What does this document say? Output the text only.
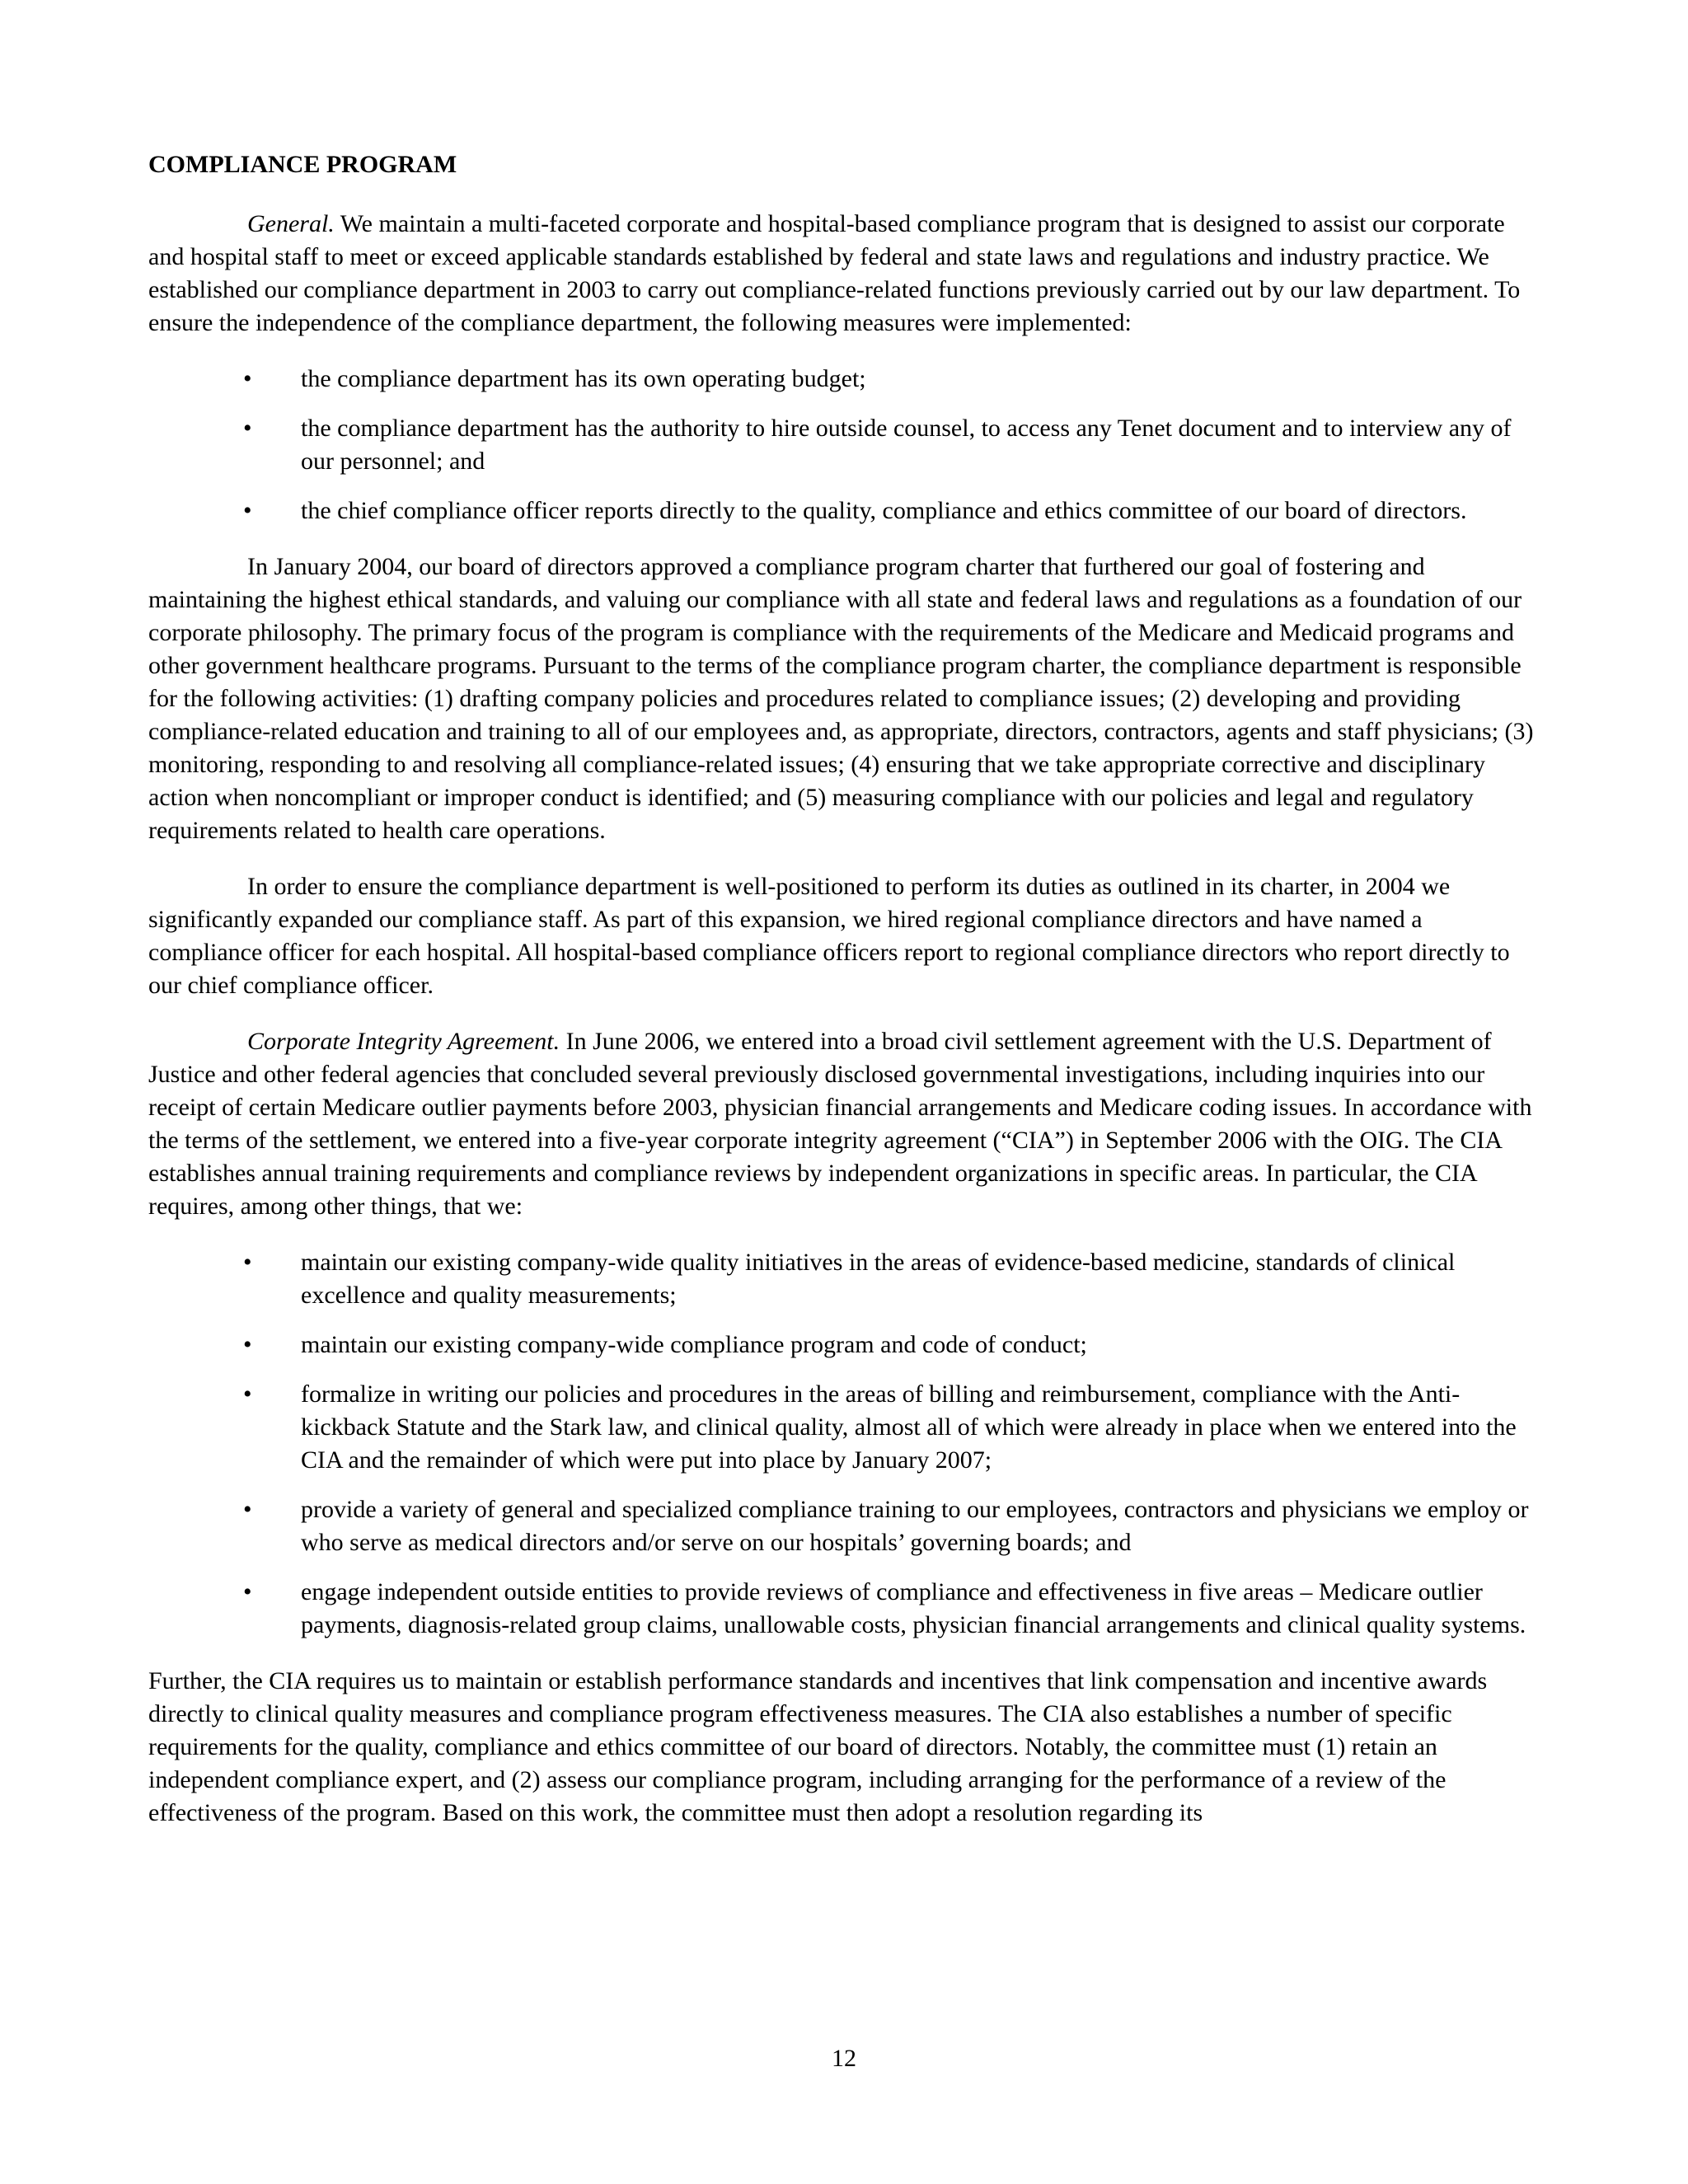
COMPLIANCE PROGRAM

General. We maintain a multi-faceted corporate and hospital-based compliance program that is designed to assist our corporate and hospital staff to meet or exceed applicable standards established by federal and state laws and regulations and industry practice. We established our compliance department in 2003 to carry out compliance-related functions previously carried out by our law department. To ensure the independence of the compliance department, the following measures were implemented:

• the compliance department has its own operating budget;
• the compliance department has the authority to hire outside counsel, to access any Tenet document and to interview any of our personnel; and
• the chief compliance officer reports directly to the quality, compliance and ethics committee of our board of directors.

In January 2004, our board of directors approved a compliance program charter that furthered our goal of fostering and maintaining the highest ethical standards, and valuing our compliance with all state and federal laws and regulations as a foundation of our corporate philosophy. The primary focus of the program is compliance with the requirements of the Medicare and Medicaid programs and other government healthcare programs. Pursuant to the terms of the compliance program charter, the compliance department is responsible for the following activities: (1) drafting company policies and procedures related to compliance issues; (2) developing and providing compliance-related education and training to all of our employees and, as appropriate, directors, contractors, agents and staff physicians; (3) monitoring, responding to and resolving all compliance-related issues; (4) ensuring that we take appropriate corrective and disciplinary action when noncompliant or improper conduct is identified; and (5) measuring compliance with our policies and legal and regulatory requirements related to health care operations.

In order to ensure the compliance department is well-positioned to perform its duties as outlined in its charter, in 2004 we significantly expanded our compliance staff. As part of this expansion, we hired regional compliance directors and have named a compliance officer for each hospital. All hospital-based compliance officers report to regional compliance directors who report directly to our chief compliance officer.

Corporate Integrity Agreement. In June 2006, we entered into a broad civil settlement agreement with the U.S. Department of Justice and other federal agencies that concluded several previously disclosed governmental investigations, including inquiries into our receipt of certain Medicare outlier payments before 2003, physician financial arrangements and Medicare coding issues. In accordance with the terms of the settlement, we entered into a five-year corporate integrity agreement (“CIA”) in September 2006 with the OIG. The CIA establishes annual training requirements and compliance reviews by independent organizations in specific areas. In particular, the CIA requires, among other things, that we:

• maintain our existing company-wide quality initiatives in the areas of evidence-based medicine, standards of clinical excellence and quality measurements;
• maintain our existing company-wide compliance program and code of conduct;
• formalize in writing our policies and procedures in the areas of billing and reimbursement, compliance with the Anti-kickback Statute and the Stark law, and clinical quality, almost all of which were already in place when we entered into the CIA and the remainder of which were put into place by January 2007;
• provide a variety of general and specialized compliance training to our employees, contractors and physicians we employ or who serve as medical directors and/or serve on our hospitals’ governing boards; and
• engage independent outside entities to provide reviews of compliance and effectiveness in five areas – Medicare outlier payments, diagnosis-related group claims, unallowable costs, physician financial arrangements and clinical quality systems.

Further, the CIA requires us to maintain or establish performance standards and incentives that link compensation and incentive awards directly to clinical quality measures and compliance program effectiveness measures. The CIA also establishes a number of specific requirements for the quality, compliance and ethics committee of our board of directors. Notably, the committee must (1) retain an independent compliance expert, and (2) assess our compliance program, including arranging for the performance of a review of the effectiveness of the program. Based on this work, the committee must then adopt a resolution regarding its

12
